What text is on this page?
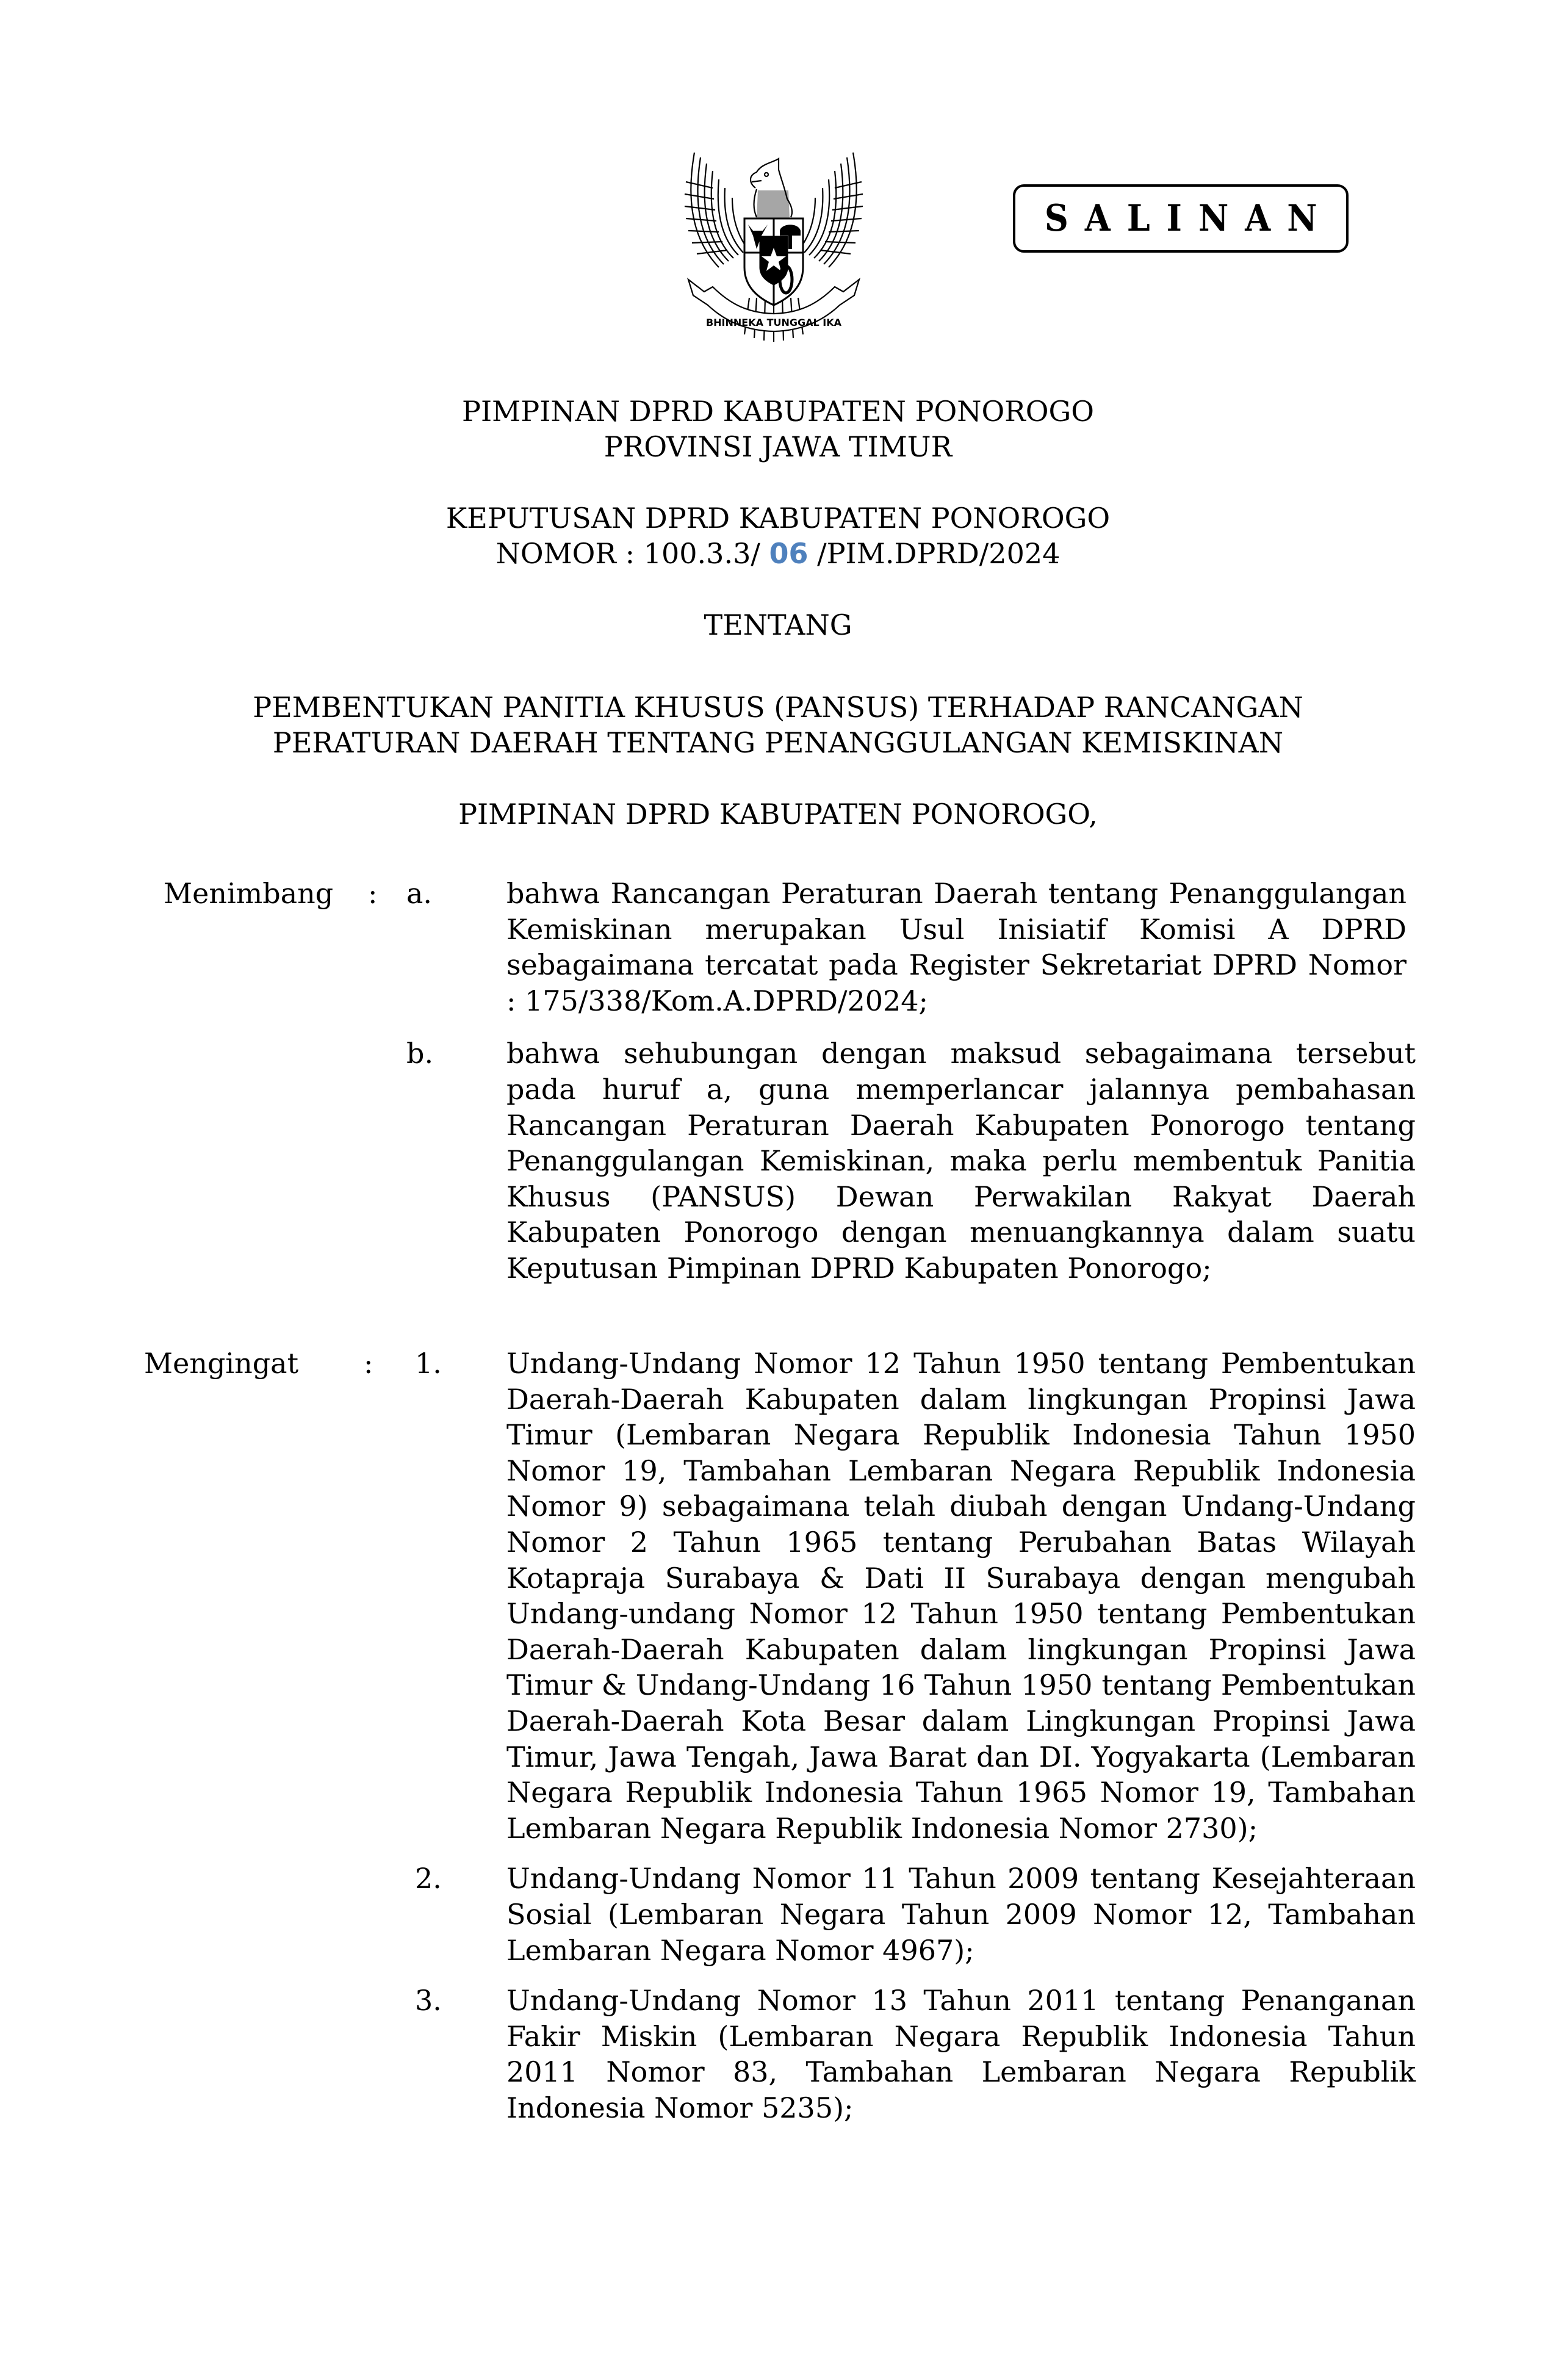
BHINNEKA TUNGGAL IKA
SALINAN
PIMPINAN DPRD KABUPATEN PONOROGO
PROVINSI JAWA TIMUR
KEPUTUSAN DPRD KABUPATEN PONOROGO
NOMOR : 100.3.3/ 06 /PIM.DPRD/2024
TENTANG
PEMBENTUKAN PANITIA KHUSUS (PANSUS) TERHADAP RANCANGAN
PERATURAN DAERAH TENTANG PENANGGULANGAN KEMISKINAN
PIMPINAN DPRD KABUPATEN PONOROGO,
Menimbang : a.	bahwa Rancangan Peraturan Daerah tentang Penanggulangan Kemiskinan merupakan Usul Inisiatif Komisi A DPRD sebagaimana tercatat pada Register Sekretariat DPRD Nomor : 175/338/Kom.A.DPRD/2024;
b.	bahwa sehubungan dengan maksud sebagaimana tersebut pada huruf a, guna memperlancar jalannya pembahasan Rancangan Peraturan Daerah Kabupaten Ponorogo tentang Penanggulangan Kemiskinan, maka perlu membentuk Panitia Khusus (PANSUS) Dewan Perwakilan Rakyat Daerah Kabupaten Ponorogo dengan menuangkannya dalam suatu Keputusan Pimpinan DPRD Kabupaten Ponorogo;
Mengingat : 1. Undang-Undang Nomor 12 Tahun 1950 tentang Pembentukan Daerah-Daerah Kabupaten dalam lingkungan Propinsi Jawa Timur (Lembaran Negara Republik Indonesia Tahun 1950 Nomor 19, Tambahan Lembaran Negara Republik Indonesia Nomor 9) sebagaimana telah diubah dengan Undang-Undang Nomor 2 Tahun 1965 tentang Perubahan Batas Wilayah Kotapraja Surabaya & Dati II Surabaya dengan mengubah Undang-undang Nomor 12 Tahun 1950 tentang Pembentukan Daerah-Daerah Kabupaten dalam lingkungan Propinsi Jawa Timur & Undang-Undang 16 Tahun 1950 tentang Pembentukan Daerah-Daerah Kota Besar dalam Lingkungan Propinsi Jawa Timur, Jawa Tengah, Jawa Barat dan DI. Yogyakarta (Lembaran Negara Republik Indonesia Tahun 1965 Nomor 19, Tambahan Lembaran Negara Republik Indonesia Nomor 2730);
2. Undang-Undang Nomor 11 Tahun 2009 tentang Kesejahteraan Sosial (Lembaran Negara Tahun 2009 Nomor 12, Tambahan Lembaran Negara Nomor 4967);
3. Undang-Undang Nomor 13 Tahun 2011 tentang Penanganan Fakir Miskin (Lembaran Negara Republik Indonesia Tahun 2011 Nomor 83, Tambahan Lembaran Negara Republik Indonesia Nomor 5235);
